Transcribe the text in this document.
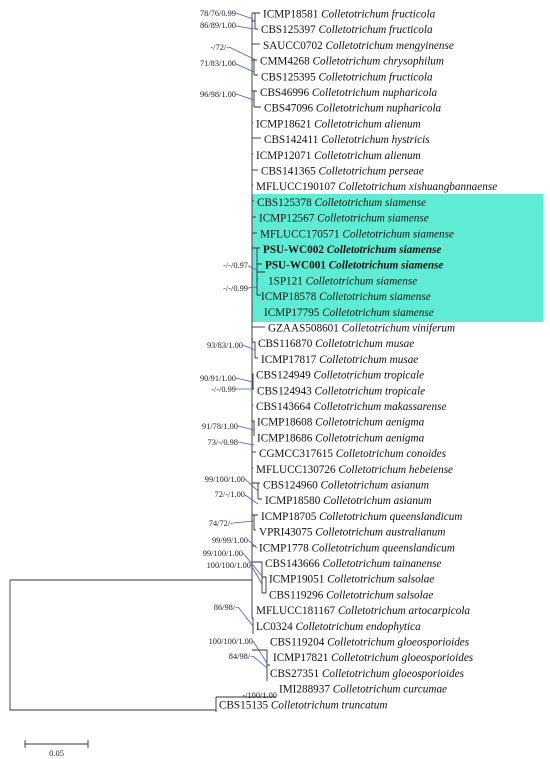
78/76/0.99
86/89/1.00
-/72/-
71/83/1.00
96/98/1.00
-/-/0.97
-/-/0.99
93/83/1.00
90/91/1.00
-/-/0.99
91/78/1.00
73/-/0.98
99/100/1.00
72/-/1.00
74/72/-
99/99/1.00
99/100/1.00
100/100/1.00
86/98/-
100/100/1.00
84/98/-
-/100/1.00
ICMP18581 Colletotrichum fructicola
CBS125397 Colletotrichum fructicola
SAUCC0702 Colletotrichum mengyinense
CMM4268 Colletotrichum chrysophilum
CBS125395 Colletotrichum fructicola
CBS46996 Colletotrichum nupharicola
CBS47096 Colletotrichum nupharicola
ICMP18621 Colletotrichum alienum
CBS142411 Colletotrichum hystricis
ICMP12071 Colletotrichum alienum
CBS141365 Colletotrichum perseae
MFLUCC190107 Colletotrichum xishuangbannaense
CBS125378 Colletotrichum siamense
ICMP12567 Colletotrichum siamense
MFLUCC170571 Colletotrichum siamense
PSU-WC002 Colletotrichum siamense
PSU-WC001 Colletotrichum siamense
1SP121 Colletotrichum siamense
ICMP18578 Colletotrichum siamense
ICMP17795 Colletotrichum siamense
GZAAS508601 Colletotrichum viniferum
CBS116870 Colletotrichum musae
ICMP17817 Colletotrichum musae
CBS124949 Colletotrichum tropicale
CBS124943 Colletotrichum tropicale
CBS143664 Colletotrichum makassarense
ICMP18608 Colletotrichum aenigma
ICMP18686 Colletotrichum aenigma
CGMCC317615 Colletotrichum conoides
MFLUCC130726 Colletotrichum hebeiense
CBS124960 Colletotrichum asianum
ICMP18580 Colletotrichum asianum
ICMP18705 Colletotrichum queenslandicum
VPRI43075 Colletotrichum australianum
ICMP1778 Colletotrichum queenslandicum
CBS143666 Colletotrichum tainanense
ICMP19051 Colletotrichum salsolae
CBS119296 Colletotrichum salsolae
MFLUCC181167 Colletotrichum artocarpicola
LC0324 Colletotrichum endophytica
CBS119204 Colletotrichum gloeosporioides
ICMP17821 Colletotrichum gloeosporioides
CBS27351 Colletotrichum gloeosporioides
IMI288937 Colletotrichum curcumae
CBS15135 Colletotrichum truncatum
0.05
